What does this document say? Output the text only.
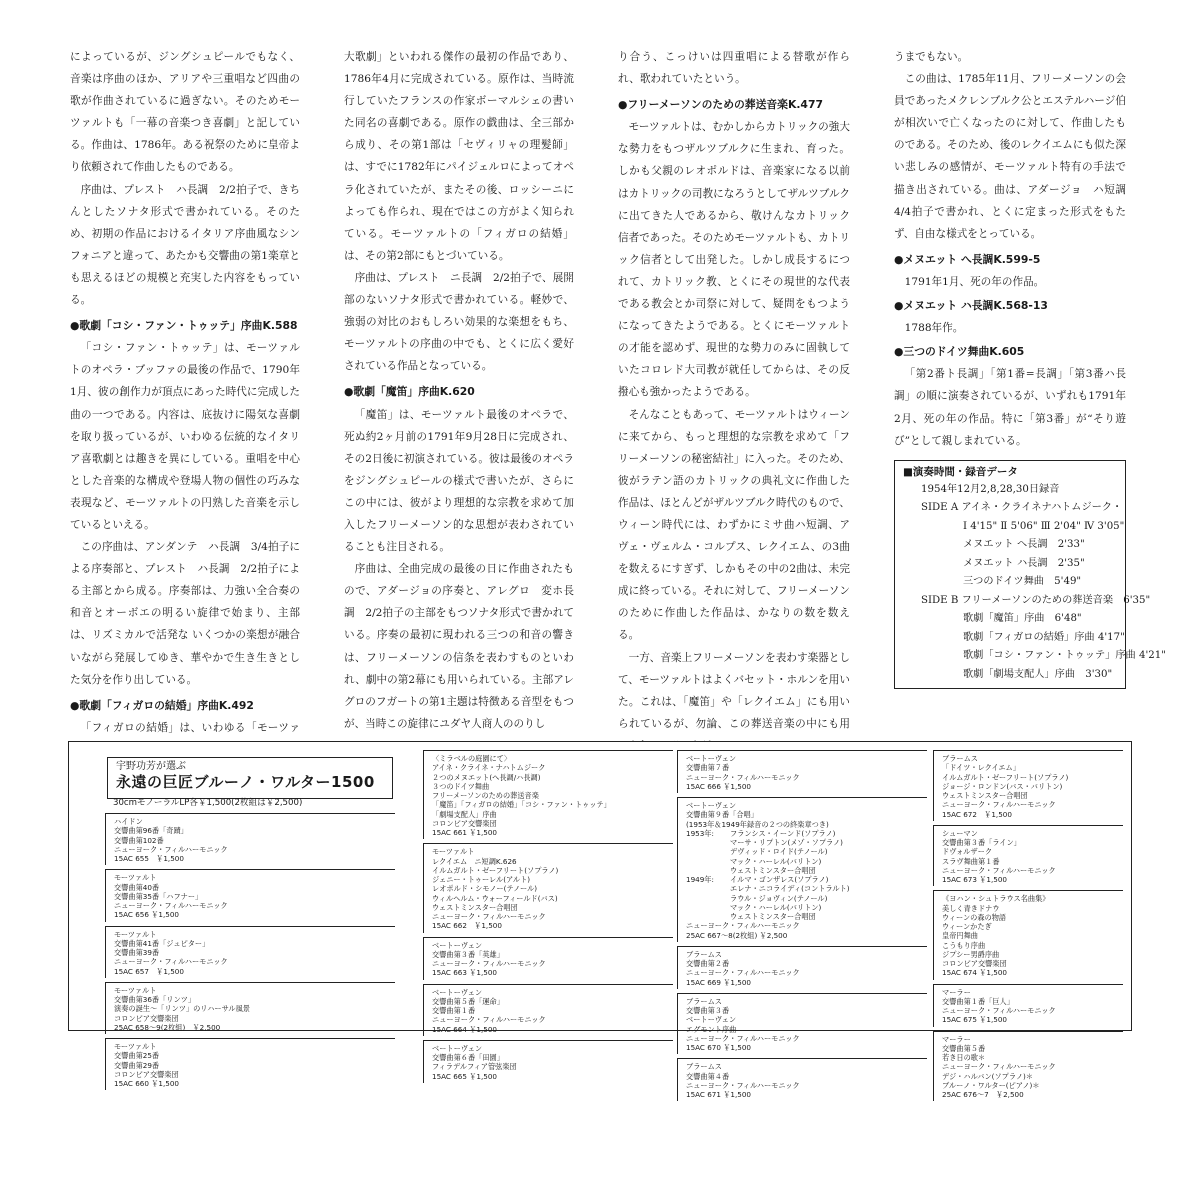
によっているが、ジングシュピールでもなく、音楽は序曲のほか、アリアや三重唱など四曲の歌が作曲されているに過ぎない。そのためモーツァルトも「一幕の音楽つき喜劇」と記している。作曲は、1786年。ある祝祭のために皇帝より依頼されて作曲したものである。

序曲は、プレスト　ハ長調　2/2拍子で、きちんとしたソナタ形式で書かれている。そのため、初期の作品におけるイタリア序曲風なシンフォニアと違って、あたかも交響曲の第1楽章とも思えるほどの規模と充実した内容をもっている。

●歌劇「コシ・ファン・トゥッテ」序曲K.588

「コシ・ファン・トゥッテ」は、モーツァルトのオペラ・ブッファの最後の作品で、1790年1月、彼の創作力が頂点にあった時代に完成した曲の一つである。内容は、底抜けに陽気な喜劇を取り扱っているが、いわゆる伝統的なイタリア喜歌劇とは趣きを異にしている。重唱を中心とした音楽的な構成や登場人物の個性の巧みな表現など、モーツァルトの円熟した音楽を示しているといえる。

この序曲は、アンダンテ　ハ長調　3/4拍子による序奏部と、プレスト　ハ長調　2/2拍子による主部とから成る。序奏部は、力強い全合奏の和音とオーボエの明るい旋律で始まり、主部は、リズミカルで活発な いくつかの楽想が融合いながら発展してゆき、華やかで生き生きとした気分を作り出している。

●歌劇「フィガロの結婚」序曲K.492

「フィガロの結婚」は、いわゆる「モーツァ

大歌劇」といわれる傑作の最初の作品であり、1786年4月に完成されている。原作は、当時流行していたフランスの作家ボーマルシェの書いた同名の喜劇である。原作の戯曲は、全三部から成り、その第1部は「セヴィリャの理髪師」は、すでに1782年にパイジェルロによってオペラ化されていたが、またその後、ロッシーニによっても作られ、現在ではこの方がよく知られている。モーツァルトの「フィガロの結婚」は、その第2部にもとづいている。

序曲は、プレスト　ニ長調　2/2拍子で、展開部のないソナタ形式で書かれている。軽妙で、強弱の対比のおもしろい効果的な楽想をもち、モーツァルトの序曲の中でも、とくに広く愛好されている作品となっている。

●歌劇「魔笛」序曲K.620

「魔笛」は、モーツァルト最後のオペラで、死ぬ約2ヶ月前の1791年9月28日に完成され、その2日後に初演されている。彼は最後のオペラをジングシュピールの様式で書いたが、さらにこの中には、彼がより理想的な宗教を求めて加入したフリーメーソン的な思想が表わされていることも注目される。

序曲は、全曲完成の最後の日に作曲されたもので、アダージョの序奏と、アレグロ　変ホ長調　2/2拍子の主部をもつソナタ形式で書かれている。序奏の最初に現われる三つの和音の響きは、フリーメーソンの信条を表わすものといわれ、劇中の第2幕にも用いられている。主部アレグロのフガートの第1主題は特徴ある音型をもつが、当時この旋律にユダヤ人商人ののりし

り合う、こっけいは四重唱による替歌が作られ、歌われていたという。

●フリーメーソンのための葬送音楽K.477

モーツァルトは、むかしからカトリックの強大な勢力をもつザルツブルクに生まれ、育った。しかも父親のレオポルドは、音楽家になる以前はカトリックの司教になろうとしてザルツブルクに出てきた人であるから、敬けんなカトリック信者であった。そのためモーツァルトも、カトリック信者として出発した。しかし成長するにつれて、カトリック教、とくにその現世的な代表である教会とか司祭に対して、疑問をもつようになってきたようである。とくにモーツァルトの才能を認めず、現世的な勢力のみに固執していたコロレド大司教が就任してからは、その反撥心も強かったようである。

そんなこともあって、モーツァルトはウィーンに来てから、もっと理想的な宗教を求めて「フリーメーソンの秘密結社」に入った。そのため、彼がラテン語のカトリックの典礼文に作曲した作品は、ほとんどがザルツブルク時代のもので、ウィーン時代には、わずかにミサ曲ハ短調、アヴェ・ヴェルム・コルプス、レクイエム、の3曲を数えるにすぎず、しかもその中の2曲は、未完成に終っている。それに対して、フリーメーソンのために作曲した作品は、かなりの数を数える。

一方、音楽上フリーメーソンを表わす楽器として、モーツァルトはよくバセット・ホルンを用いた。これは、「魔笛」や「レクイエム」にも用いられているが、勿論、この葬送音楽の中にも用

うまでもない。

この曲は、1785年11月、フリーメーソンの会員であったメクレンブルク公とエステルハージ伯が相次いで亡くなったのに対して、作曲したものである。そのため、後のレクイエムにも似た深い悲しみの感情が、モーツァルト特有の手法で描き出されている。曲は、アダージョ　ハ短調　4/4拍子で書かれ、とくに定まった形式をもたず、自由な様式をとっている。

●メヌエット へ長調K.599-5

1791年1月、死の年の作品。

●メヌエット ハ長調K.568-13

1788年作。

●三つのドイツ舞曲K.605

「第2番ト長調」「第1番=長調」「第3番ハ長調」の順に演奏されているが、いずれも1791年2月、死の年の作品。特に「第3番」が“そり遊び”として親しまれている。

■演奏時間・録音データ
1954年12月2,8,28,30日録音
SIDE A アイネ・クライネナハトムジーク・
Ⅰ 4'15" Ⅱ 5'06" Ⅲ 2'04" Ⅳ 3'05"
メヌエット へ長調　2'33"
メヌエット ハ長調　2'35"
三つのドイツ舞曲　5'49"
SIDE B フリーメーソンのための葬送音楽　6'35"
歌劇「魔笛」序曲　6'48"
歌劇「フィガロの結婚」序曲 4'17"
歌劇「コシ・ファン・トゥッテ」序曲 4'21"
歌劇「劇場支配人」序曲　3'30"
宇野功芳が選ぶ
永遠の巨匠ブルーノ・ワルター1500
30cmモノーラルLP各￥1,500(2枚組は￥2,500)
ハイドン
交響曲第96番「奇蹟」
交響曲第102番
ニューヨーク・フィルハーモニック
15AC 655　￥1,500
モーツァルト
交響曲第40番
交響曲第35番「ハフナー」
ニューヨーク・フィルハーモニック
15AC 656 ￥1,500
モーツァルト
交響曲第41番「ジュピター」
交響曲第39番
ニューヨーク・フィルハーモニック
15AC 657　￥1,500
モーツァルト
交響曲第36番「リンツ」
演奏の誕生～「リンツ」のリハーサル風景
コロンビア交響楽団
25AC 658～9(2枚組)　￥2,500
モーツァルト
交響曲第25番
交響曲第29番
コロンビア交響楽団
15AC 660 ￥1,500
〈ミラベルの庭園にて〉
アイネ・クライネ・ナハトムジーク
２つのメヌエット(へ長調/ハ長調)
３つのドイツ舞曲
フリーメーソンのための葬送音楽
「魔笛」「フィガロの結婚」「コシ・ファン・トゥッテ」
「劇場支配人」序曲
コロンビア交響楽団
15AC 661 ￥1,500
モーツァルト
レクイエム　ニ短調K.626
イルムガルト・ゼーフリート(ソプラノ)
ジェニー・トゥーレル(アルト)
レオポルド・シモノー(テノール)
ウィルヘルム・ウォーフィールド(バス)
ウェストミンスター合唱団
ニューヨーク・フィルハーモニック
15AC 662　￥1,500
ベートーヴェン
交響曲第３番「英雄」
ニューヨーク・フィルハーモニック
15AC 663 ￥1,500
ベートーヴェン
交響曲第５番「運命」
交響曲第１番
ニューヨーク・フィルハーモニック
15AC 664 ￥1,500
ベートーヴェン
交響曲第６番「田園」
フィラデルフィア管弦楽団
15AC 665 ￥1,500
ベートーヴェン
交響曲第７番
ニューヨーク・フィルハーモニック
15AC 666 ￥1,500
ベートーヴェン
交響曲第９番「合唱」
(1953年＆1949年録音の２つの終楽章つき)
1953年: フランシス・イーンド(ソプラノ)
マーサ・リプトン(メゾ・ソプラノ)
デヴィッド・ロイド(テノール)
マック・ハーレル(バリトン)
ウェストミンスター合唱団
1949年: イルマ・ゴンザレス(ソプラノ)
エレナ・ニコライディ(コントラルト)
ラウル・ジョヴィン(テノール)
マック・ハーレル(バリトン)
ウェストミンスター合唱団
ニューヨーク・フィルハーモニック
25AC 667～8(2枚組) ￥2,500
ブラームス
交響曲第２番
ニューヨーク・フィルハーモニック
15AC 669 ￥1,500
ブラームス
交響曲第３番
ベートーヴェン
エグモント序曲
ニューヨーク・フィルハーモニック
15AC 670 ￥1,500
ブラームス
交響曲第４番
ニューヨーク・フィルハーモニック
15AC 671 ￥1,500
ブラームス
「ドイツ・レクイエム」
イルムガルト・ゼーフリート(ソプラノ)
ジョージ・ロンドン(バス・バリトン)
ウェストミンスター合唱団
ニューヨーク・フィルハーモニック
15AC 672　￥1,500
シューマン
交響曲第３番「ライン」
ドヴォルザーク
スラヴ舞曲第１番
ニューヨーク・フィルハーモニック
15AC 673 ￥1,500
《ヨハン・シュトラウス名曲集》
美しく青きドナウ
ウィーンの森の物語
ウィーンかたぎ
皇帝円舞曲
こうもり序曲
ジプシー男爵序曲
コロンビア交響楽団
15AC 674 ￥1,500
マーラー
交響曲第１番「巨人」
ニューヨーク・フィルハーモニック
15AC 675 ￥1,500
マーラー
交響曲第５番
若き日の歌＊
ニューヨーク・フィルハーモニック
デジ・ハルバン(ソプラノ)＊
ブルーノ・ワルター(ピアノ)＊
25AC 676～7　￥2,500
